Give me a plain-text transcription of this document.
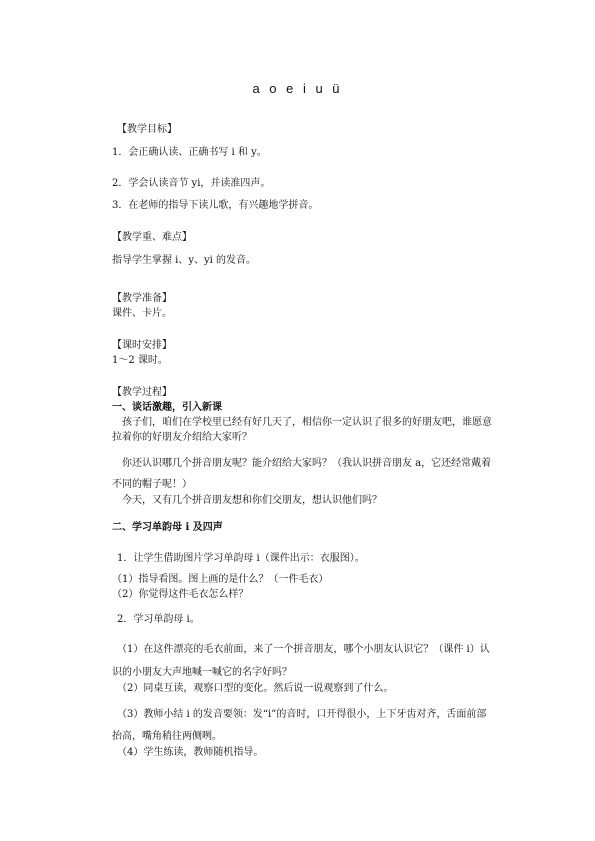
a o e i u ü
【教学目标】
1．会正确认读、正确书写 i 和 y。
2．学会认读音节 yi，并读准四声。
3．在老师的指导下读儿歌，有兴趣地学拼音。
【教学重、难点】
指导学生掌握 i、y、yi 的发音。
【教学准备】
课件、卡片。
【课时安排】
1～2 课时。
【教学过程】
一、谈话激趣，引入新课
孩子们，咱们在学校里已经有好几天了，相信你一定认识了很多的好朋友吧，谁愿意
拉着你的好朋友介绍给大家听？
你还认识哪几个拼音朋友呢？能介绍给大家吗？（我认识拼音朋友 a，它还经常戴着
不同的帽子呢！）
今天，又有几个拼音朋友想和你们交朋友，想认识他们吗？
二、学习单韵母 i 及四声
1．让学生借助图片学习单韵母 i（课件出示：衣服图）。
（1）指导看图。图上画的是什么？（一件毛衣）
（2）你觉得这件毛衣怎么样？
2．学习单韵母 i。
（1）在这件漂亮的毛衣前面，来了一个拼音朋友，哪个小朋友认识它？（课件 i）认
识的小朋友大声地喊一喊它的名字好吗？
（2）同桌互读，观察口型的变化。然后说一说观察到了什么。
（3）教师小结 i 的发音要领：发“i”的音时，口开得很小，上下牙齿对齐，舌面前部
抬高，嘴角稍往两侧咧。
（4）学生练读，教师随机指导。
